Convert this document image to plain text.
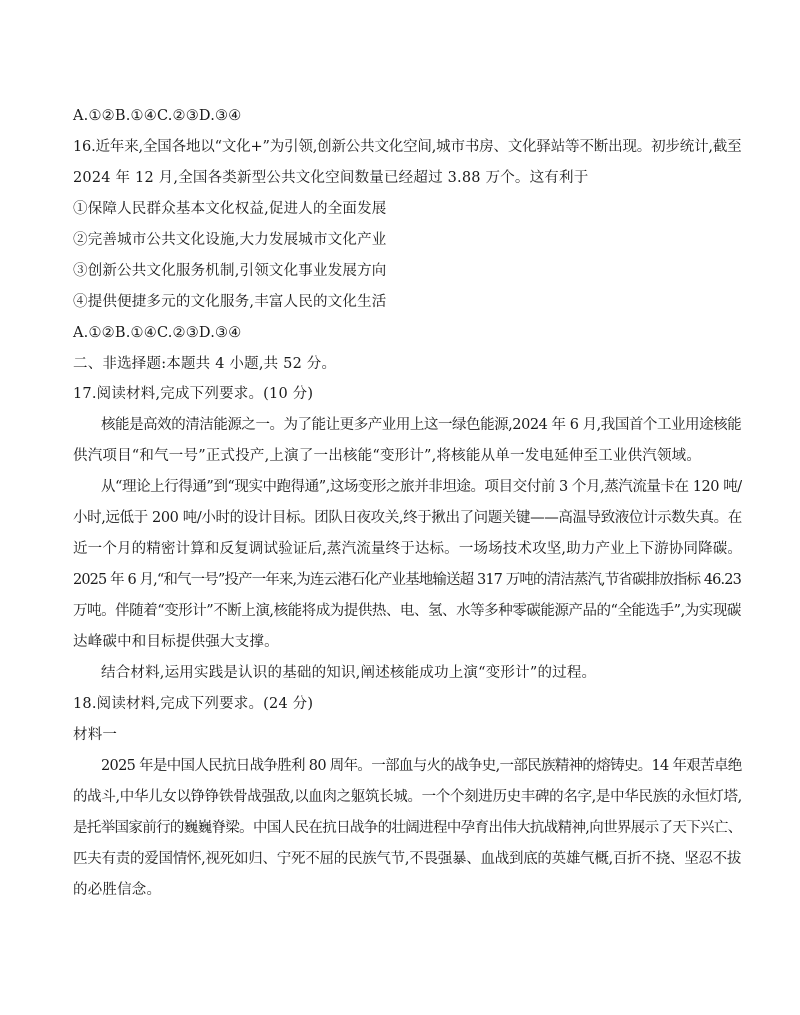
A.①②B.①④C.②③D.③④
16.近年来,全国各地以“文化+”为引领,创新公共文化空间,城市书房、文化驿站等不断出现。初步统计,截至
2024 年 12 月,全国各类新型公共文化空间数量已经超过 3.88 万个。这有利于
①保障人民群众基本文化权益,促进人的全面发展
②完善城市公共文化设施,大力发展城市文化产业
③创新公共文化服务机制,引领文化事业发展方向
④提供便捷多元的文化服务,丰富人民的文化生活
A.①②B.①④C.②③D.③④
二、非选择题:本题共 4 小题,共 52 分。
17.阅读材料,完成下列要求。(10 分)
核能是高效的清洁能源之一。为了能让更多产业用上这一绿色能源,2024 年 6 月,我国首个工业用途核能
供汽项目“和气一号”正式投产,上演了一出核能“变形计”,将核能从单一发电延伸至工业供汽领域。
从“理论上行得通”到“现实中跑得通”,这场变形之旅并非坦途。项目交付前 3 个月,蒸汽流量卡在 120 吨/
小时,远低于 200 吨/小时的设计目标。团队日夜攻关,终于揪出了问题关键——高温导致液位计示数失真。在
近一个月的精密计算和反复调试验证后,蒸汽流量终于达标。一场场技术攻坚,助力产业上下游协同降碳。
2025 年 6 月,“和气一号”投产一年来,为连云港石化产业基地输送超 317 万吨的清洁蒸汽,节省碳排放指标 46.23
万吨。伴随着“变形计”不断上演,核能将成为提供热、电、氢、水等多种零碳能源产品的“全能选手”,为实现碳
达峰碳中和目标提供强大支撑。
结合材料,运用实践是认识的基础的知识,阐述核能成功上演“变形计”的过程。
18.阅读材料,完成下列要求。(24 分)
材料一
2025 年是中国人民抗日战争胜利 80 周年。一部血与火的战争史,一部民族精神的熔铸史。14 年艰苦卓绝
的战斗,中华儿女以铮铮铁骨战强敌,以血肉之躯筑长城。一个个刻进历史丰碑的名字,是中华民族的永恒灯塔,
是托举国家前行的巍巍脊梁。中国人民在抗日战争的壮阔进程中孕育出伟大抗战精神,向世界展示了天下兴亡、
匹夫有责的爱国情怀,视死如归、宁死不屈的民族气节,不畏强暴、血战到底的英雄气概,百折不挠、坚忍不拔
的必胜信念。
